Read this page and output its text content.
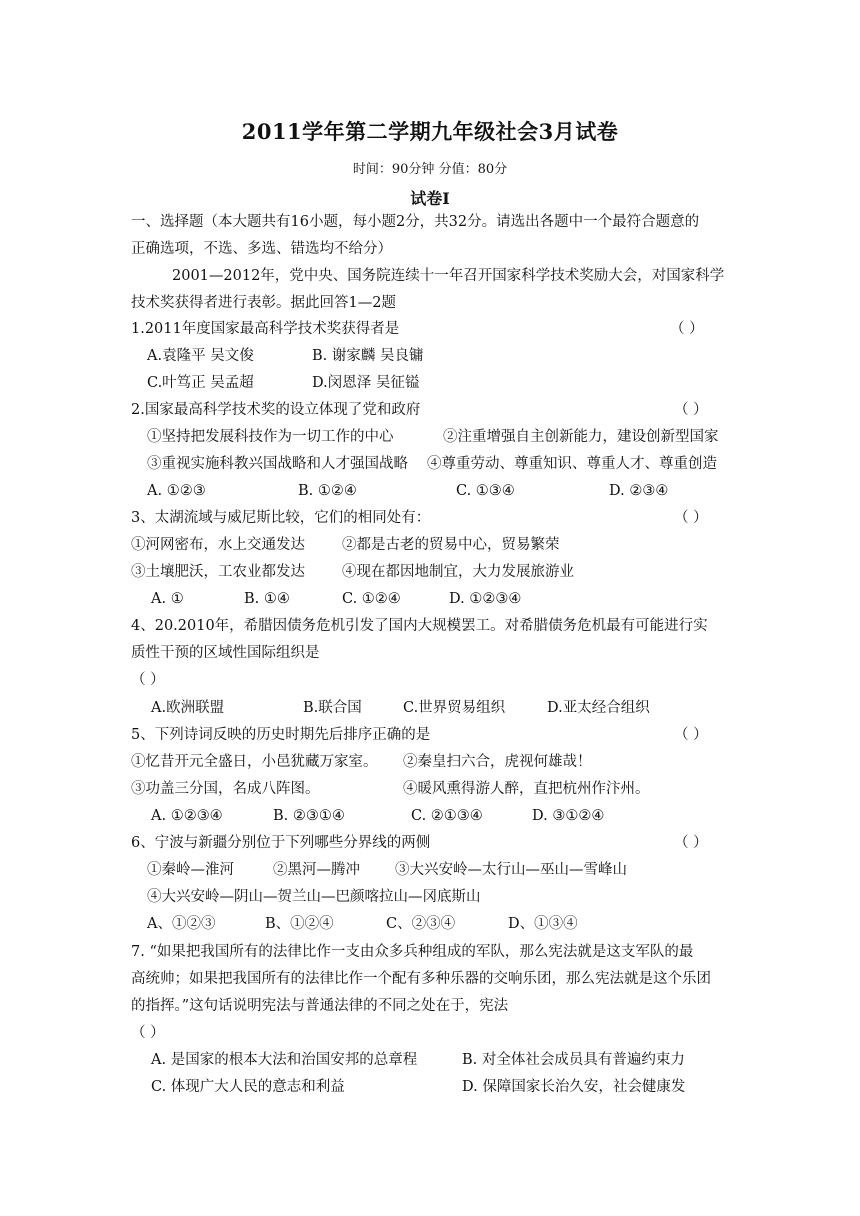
2011学年第二学期九年级社会3月试卷
时间：90分钟 分值：80分
试卷Ⅰ
一、选择题（本大题共有16小题，每小题2分，共32分。请选出各题中一个最符合题意的
正确选项，不选、多选、错选均不给分）
2001—2012年，党中央、国务院连续十一年召开国家科学技术奖励大会，对国家科学
技术奖获得者进行表彰。据此回答1—2题
1.2011年度国家最高科学技术奖获得者是	（ ）
A.袁隆平 吴文俊	B. 谢家麟 吴良镛
C.叶笃正 吴孟超	D.闵恩泽 吴征镒
2.国家最高科学技术奖的设立体现了党和政府	（ ）
①坚持把发展科技作为一切工作的中心	②注重增强自主创新能力，建设创新型国家
③重视实施科教兴国战略和人才强国战略 ④尊重劳动、尊重知识、尊重人才、尊重创造
A. ①②③	B. ①②④	C. ①③④	D. ②③④
3、太湖流域与威尼斯比较，它们的相同处有：	（ ）
①河网密布，水上交通发达	②都是古老的贸易中心，贸易繁荣
③土壤肥沃，工农业都发达	④现在都因地制宜，大力发展旅游业
A. ①	B. ①④	C. ①②④	D. ①②③④
4、20.2010年，希腊因债务危机引发了国内大规模罢工。对希腊债务危机最有可能进行实
质性干预的区域性国际组织是
（ ）
A.欧洲联盟	B.联合国	C.世界贸易组织	D.亚太经合组织
5、下列诗词反映的历史时期先后排序正确的是	（ ）
①忆昔开元全盛日，小邑犹藏万家室。 ②秦皇扫六合，虎视何雄哉！
③功盖三分国，名成八阵图。	④暖风熏得游人醉，直把杭州作汴州。
A. ①②③④	B. ②③①④	C. ②①③④	D. ③①②④
6、宁波与新疆分别位于下列哪些分界线的两侧	（ ）
①秦岭—淮河	②黑河—腾冲 ③大兴安岭—太行山—巫山—雪峰山
④大兴安岭—阴山—贺兰山—巴颜喀拉山—冈底斯山
A、①②③	B、①②④	C、②③④	D、①③④
7. “如果把我国所有的法律比作一支由众多兵种组成的军队，那么宪法就是这支军队的最
高统帅；如果把我国所有的法律比作一个配有多种乐器的交响乐团，那么宪法就是这个乐团
的指挥。”这句话说明宪法与普通法律的不同之处在于，宪法
（ ）
A. 是国家的根本大法和治国安邦的总章程	B. 对全体社会成员具有普遍约束力
C. 体现广大人民的意志和利益	D. 保障国家长治久安，社会健康发
